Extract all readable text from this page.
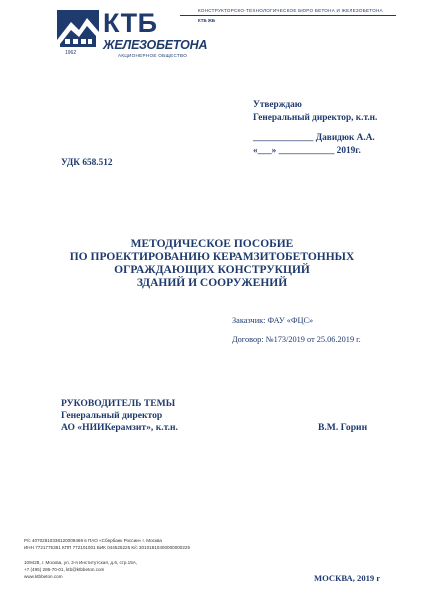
1962
КТБ
ЖЕЛЕЗОБЕТОНА
АКЦИОНЕРНОЕ ОБЩЕСТВО
КОНСТРУКТОРСКО-ТЕХНОЛОГИЧЕСКОЕ БЮРО БЕТОНА И ЖЕЛЕЗОБЕТОНА
КТБ ЖБ
Утверждаю
Генеральный директор, к.т.н.
_____________ Давидюк А.А.
«___» ____________ 2019г.
УДК 658.512
МЕТОДИЧЕСКОЕ ПОСОБИЕ
ПО ПРОЕКТИРОВАНИЮ КЕРАМЗИТОБЕТОННЫХ
ОГРАЖДАЮЩИХ КОНСТРУКЦИЙ
ЗДАНИЙ И СООРУЖЕНИЙ
Заказчик: ФАУ «ФЦС»
Договор: №173/2019 от 25.06.2019 г.
РУКОВОДИТЕЛЬ ТЕМЫ
Генеральный директор
АО «НИИКерамзит», к.т.н.	В.М. Горин
Р/с 40702810338120009469 в ПАО «Сбербанк России» г. Москва
ИНН 7721775381 КПП 772101001 БИК 044525225 К/с 30101810400000000225
109428, г. Москва, ул. 2-я Институтская, д.6, стр.15А,
+7 (495) 286-70-01, ktb@ktbbeton.com
www.ktbbeton.com	МОСКВА, 2019 г
